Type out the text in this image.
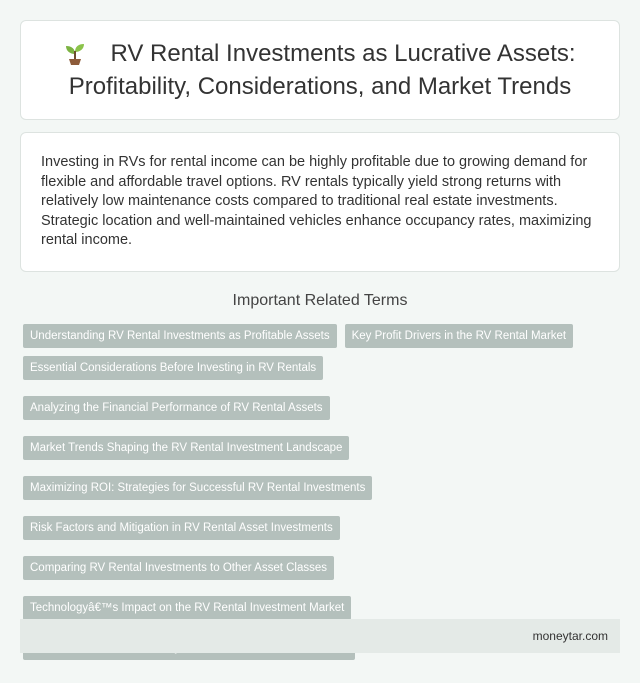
RV Rental Investments as Lucrative Assets: Profitability, Considerations, and Market Trends

Investing in RVs for rental income can be highly profitable due to growing demand for flexible and affordable travel options. RV rentals typically yield strong returns with relatively low maintenance costs compared to traditional real estate investments. Strategic location and well-maintained vehicles enhance occupancy rates, maximizing rental income.

Important Related Terms
Understanding RV Rental Investments as Profitable Assets	Key Profit Drivers in the RV Rental Market
Essential Considerations Before Investing in RV Rentals
Analyzing the Financial Performance of RV Rental Assets
Market Trends Shaping the RV Rental Investment Landscape
Maximizing ROI: Strategies for Successful RV Rental Investments
Risk Factors and Mitigation in RV Rental Asset Investments
Comparing RV Rental Investments to Other Asset Classes
Technologyâ€™s Impact on the RV Rental Investment Market
moneytar.com
